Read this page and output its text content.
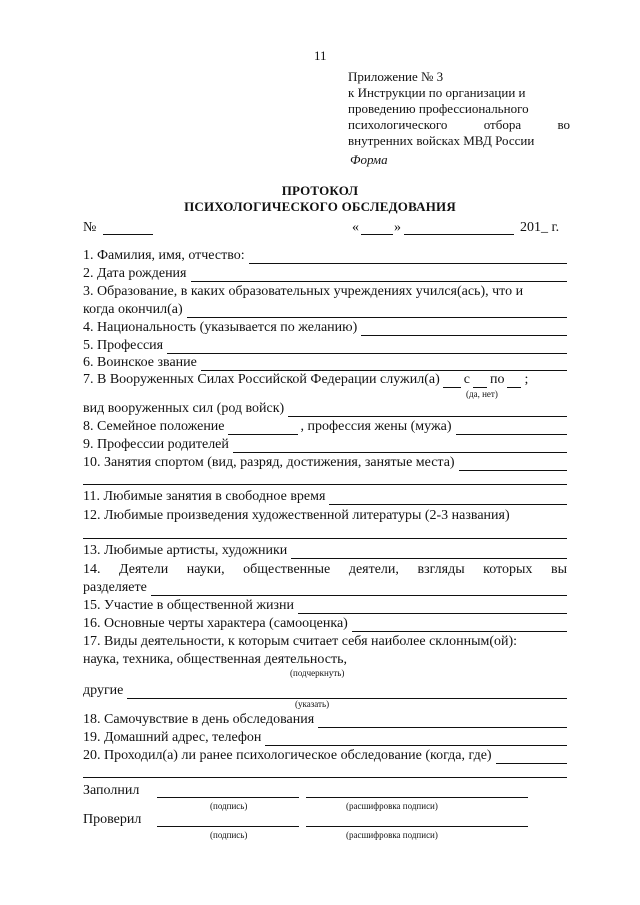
11
Приложение № 3
к Инструкции по организации и
проведению профессионального
психологического	отбора	во
внутренних войсках МВД России
Форма
ПРОТОКОЛ
ПСИХОЛОГИЧЕСКОГО ОБСЛЕДОВАНИЯ
№	«	»	201_ г.
1. Фамилия, имя, отчество:
2. Дата рождения
3. Образование, в каких образовательных учреждениях учился(ась), что и
когда окончил(а)
4. Национальность (указывается по желанию)
5. Профессия
6. Воинское звание
7. В Вооруженных Силах Российской Федерации служил(а) с по ;
(да, нет)
вид вооруженных сил (род войск)
8. Семейное положение	, профессия жены (мужа)
9. Профессии родителей
10. Занятия спортом (вид, разряд, достижения, занятые места)
11. Любимые занятия в свободное время
12. Любимые произведения художественной литературы (2-3 названия)
13. Любимые артисты, художники
14. Деятели науки, общественные деятели, взгляды которых вы
разделяете
15. Участие в общественной жизни
16. Основные черты характера (самооценка)
17. Виды деятельности, к которым считает себя наиболее склонным(ой):
наука, техника, общественная деятельность,
(подчеркнуть)
другие
(указать)
18. Самочувствие в день обследования
19. Домашний адрес, телефон
20. Проходил(а) ли ранее психологическое обследование (когда, где)
Заполнил
(подпись)	(расшифровка подписи)
Проверил
(подпись)	(расшифровка подписи)
